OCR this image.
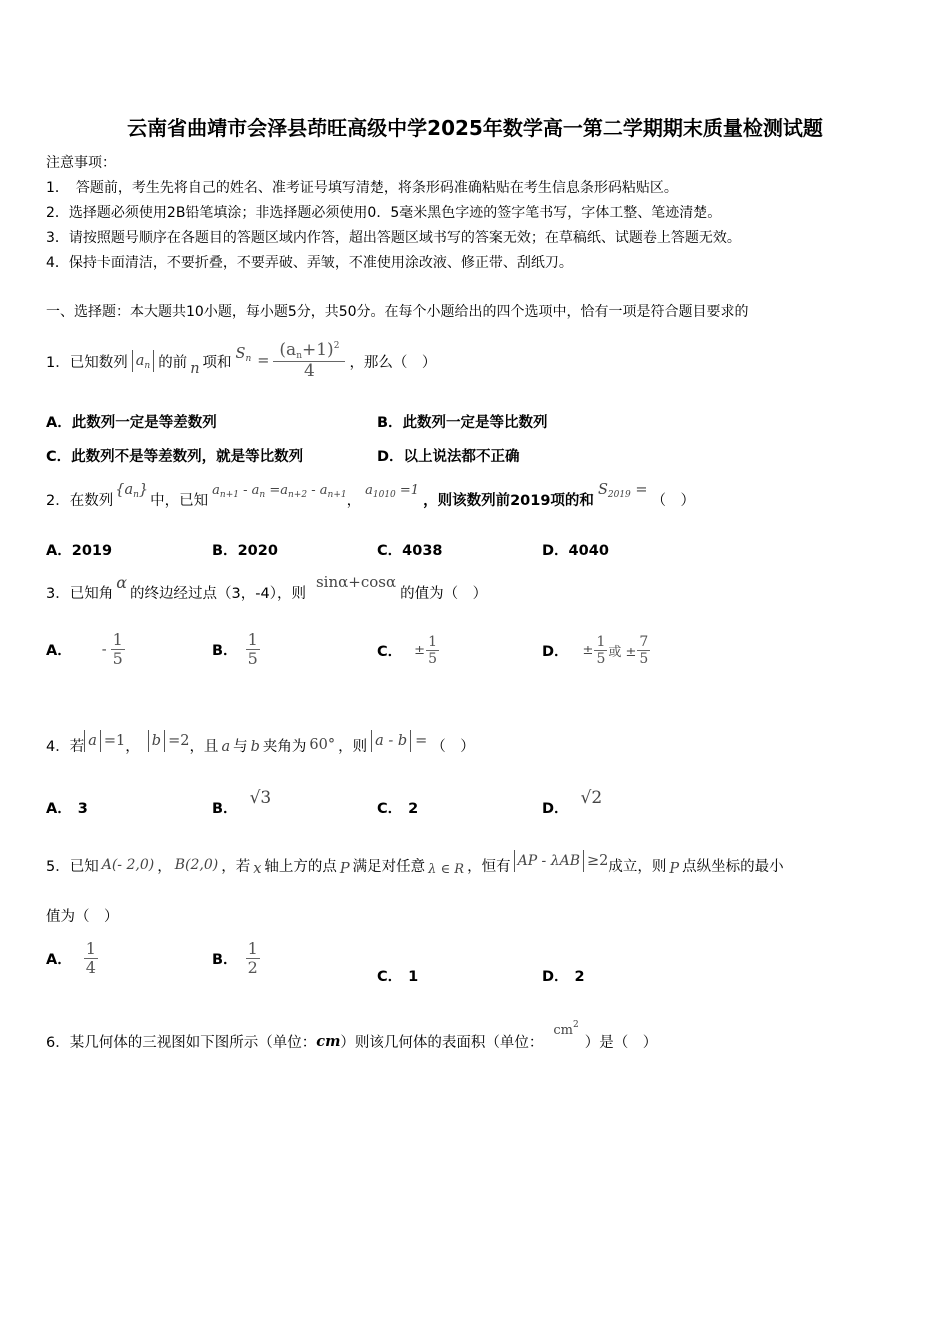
云南省曲靖市会泽县茚旺高级中学2025年数学高一第二学期期末质量检测试题
注意事项：
1．　答题前，考生先将自己的姓名、准考证号填写清楚，将条形码准确粘贴在考生信息条形码粘贴区。
2．选择题必须使用2B铅笔填涂；非选择题必须使用0．5毫米黑色字迹的签字笔书写，字体工整、笔迹清楚。
3．请按照题号顺序在各题目的答题区域内作答，超出答题区域书写的答案无效；在草稿纸、试题卷上答题无效。
4．保持卡面清洁，不要折叠，不要弄破、弄皱，不准使用涂改液、修正带、刮纸刀。
一、选择题：本大题共10小题，每小题5分，共50分。在每个小题给出的四个选项中，恰有一项是符合题目要求的
1． 已知数列 $a_n$ 的前 n 项和
$S_n = \frac{(a_n+1)^2}{4}$ ，那么（　）
A．此数列一定是等差数列	B．此数列一定是等比数列
C．此数列不是等差数列，就是等比数列	D．以上说法都不正确
2． 在数列
$\{a_n\}$
中，已知
$a_{n+1} - a_n =a_{n+2} - a_{n+1}$ ，
$a_{1010} =1$
，则该数列前2019项的和
$S_{2019}$ =
（　）
A．2019	B．2020	C．4038	D．4040
3． 已知角
α
的终边经过点（3，-4），则
sinα+cosα
的值为（　）
A． - $\frac{1}{5}$	B． $\frac{1}{5}$	C． ± $\frac{1}{5}$	D． ± $\frac{1}{5}$ 或 ± $\frac{7}{5}$
4． 若 a =1 ， b =2 ，且 a 与 b 夹角为 60° ，则 a - b = （　）
A． 3	B．√3
C． 2	D．√2
5． 已知 A(- 2,0) ， B(2,0) ，若 x 轴上方的点 P 满足对任意 λ ∈ R ，恒有 AP - λAB ≥2 成立，则 P 点纵坐标的最小
值为（　）
A． $\frac{1}{4}$	B． $\frac{1}{2}$	C． 1	D． 2
6． 某几何体的三视图如下图所示（单位： cm ）则该几何体的表面积（单位：
$cm^2$
）是（　）
